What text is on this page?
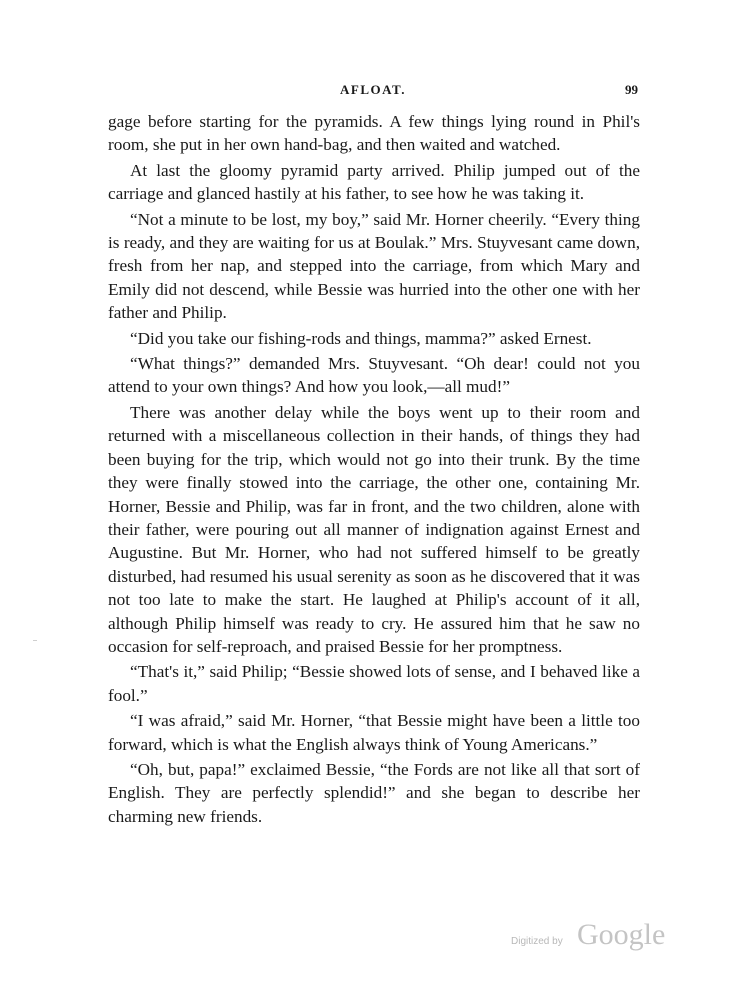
AFLOAT.	99

gage before starting for the pyramids. A few things lying round in Phil's room, she put in her own hand-bag, and then waited and watched.

At last the gloomy pyramid party arrived. Philip jumped out of the carriage and glanced hastily at his father, to see how he was taking it.

“Not a minute to be lost, my boy,” said Mr. Horner cheerily. “Every thing is ready, and they are waiting for us at Boulak.” Mrs. Stuyvesant came down, fresh from her nap, and stepped into the carriage, from which Mary and Emily did not descend, while Bessie was hurried into the other one with her father and Philip.

“Did you take our fishing-rods and things, mamma?” asked Ernest.

“What things?” demanded Mrs. Stuyvesant. “Oh dear! could not you attend to your own things? And how you look,—all mud!”

There was another delay while the boys went up to their room and returned with a miscellaneous collection in their hands, of things they had been buying for the trip, which would not go into their trunk. By the time they were finally stowed into the carriage, the other one, containing Mr. Horner, Bessie and Philip, was far in front, and the two children, alone with their father, were pouring out all manner of indignation against Ernest and Augustine. But Mr. Horner, who had not suffered himself to be greatly disturbed, had resumed his usual serenity as soon as he discovered that it was not too late to make the start. He laughed at Philip's account of it all, although Philip himself was ready to cry. He assured him that he saw no occasion for self-reproach, and praised Bessie for her promptness.

“That's it,” said Philip; “Bessie showed lots of sense, and I behaved like a fool.”

“I was afraid,” said Mr. Horner, “that Bessie might have been a little too forward, which is what the English always think of Young Americans.”

“Oh, but, papa!” exclaimed Bessie, “the Fords are not like all that sort of English. They are perfectly splendid!” and she began to describe her charming new friends.

Digitized by Google
